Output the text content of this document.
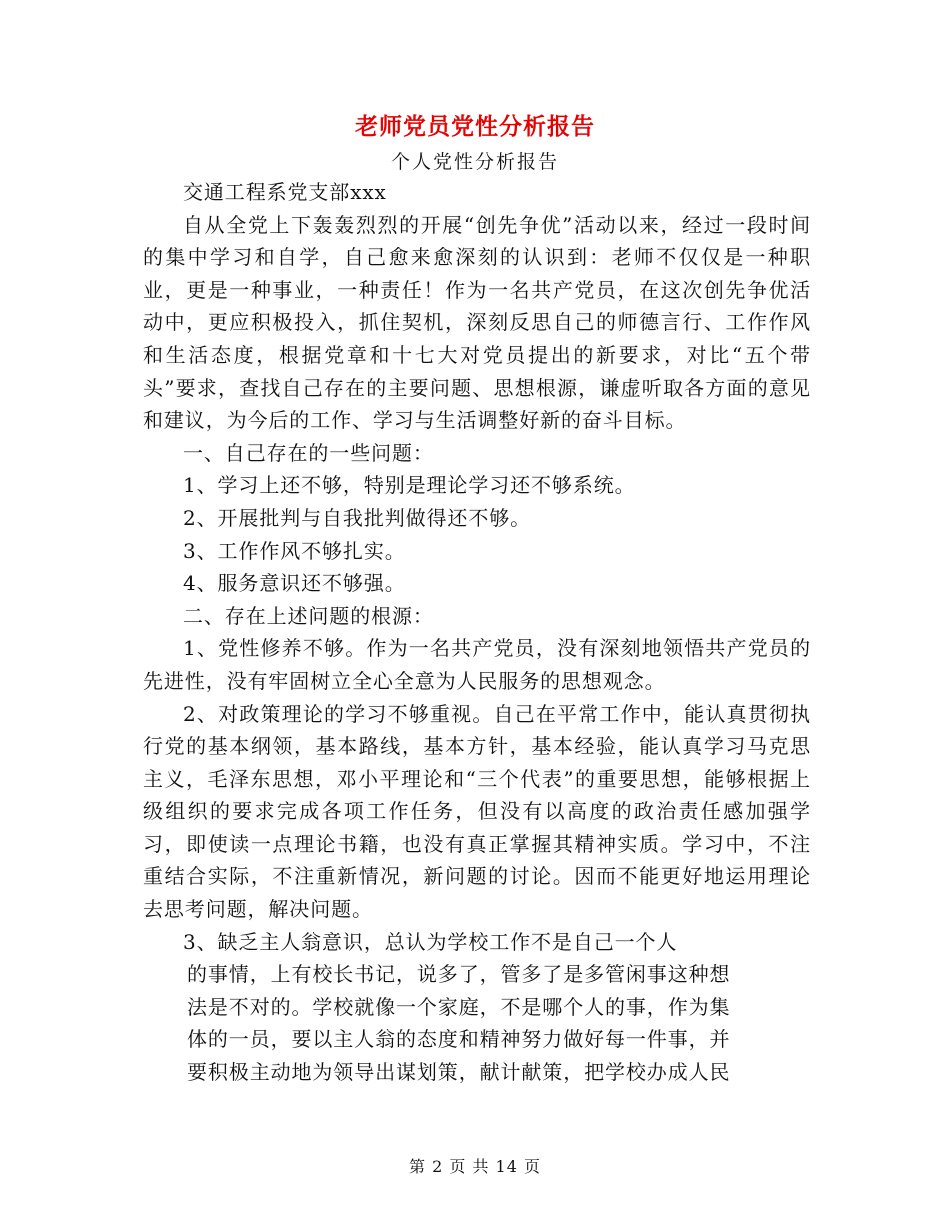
老师党员党性分析报告
个人党性分析报告

交通工程系党支部xxx

自从全党上下轰轰烈烈的开展“创先争优”活动以来，经过一段时间的集中学习和自学，自己愈来愈深刻的认识到：老师不仅仅是一种职业，更是一种事业，一种责任！作为一名共产党员，在这次创先争优活动中，更应积极投入，抓住契机，深刻反思自己的师德言行、工作作风和生活态度，根据党章和十七大对党员提出的新要求，对比“五个带头”要求，查找自己存在的主要问题、思想根源，谦虚听取各方面的意见和建议，为今后的工作、学习与生活调整好新的奋斗目标。

一、自己存在的一些问题：

1、学习上还不够，特别是理论学习还不够系统。

2、开展批判与自我批判做得还不够。

3、工作作风不够扎实。

4、服务意识还不够强。

二、存在上述问题的根源：

1、党性修养不够。作为一名共产党员，没有深刻地领悟共产党员的先进性，没有牢固树立全心全意为人民服务的思想观念。

2、对政策理论的学习不够重视。自己在平常工作中，能认真贯彻执行党的基本纲领，基本路线，基本方针，基本经验，能认真学习马克思主义，毛泽东思想，邓小平理论和“三个代表”的重要思想，能够根据上级组织的要求完成各项工作任务，但没有以高度的政治责任感加强学习，即使读一点理论书籍，也没有真正掌握其精神实质。学习中，不注重结合实际，不注重新情况，新问题的讨论。因而不能更好地运用理论去思考问题，解决问题。

3、缺乏主人翁意识，总认为学校工作不是自己一个人

的事情，上有校长书记，说多了，管多了是多管闲事这种想

法是不对的。学校就像一个家庭，不是哪个人的事，作为集

体的一员，要以主人翁的态度和精神努力做好每一件事，并

要积极主动地为领导出谋划策，献计献策，把学校办成人民

第 2 页 共 14 页
